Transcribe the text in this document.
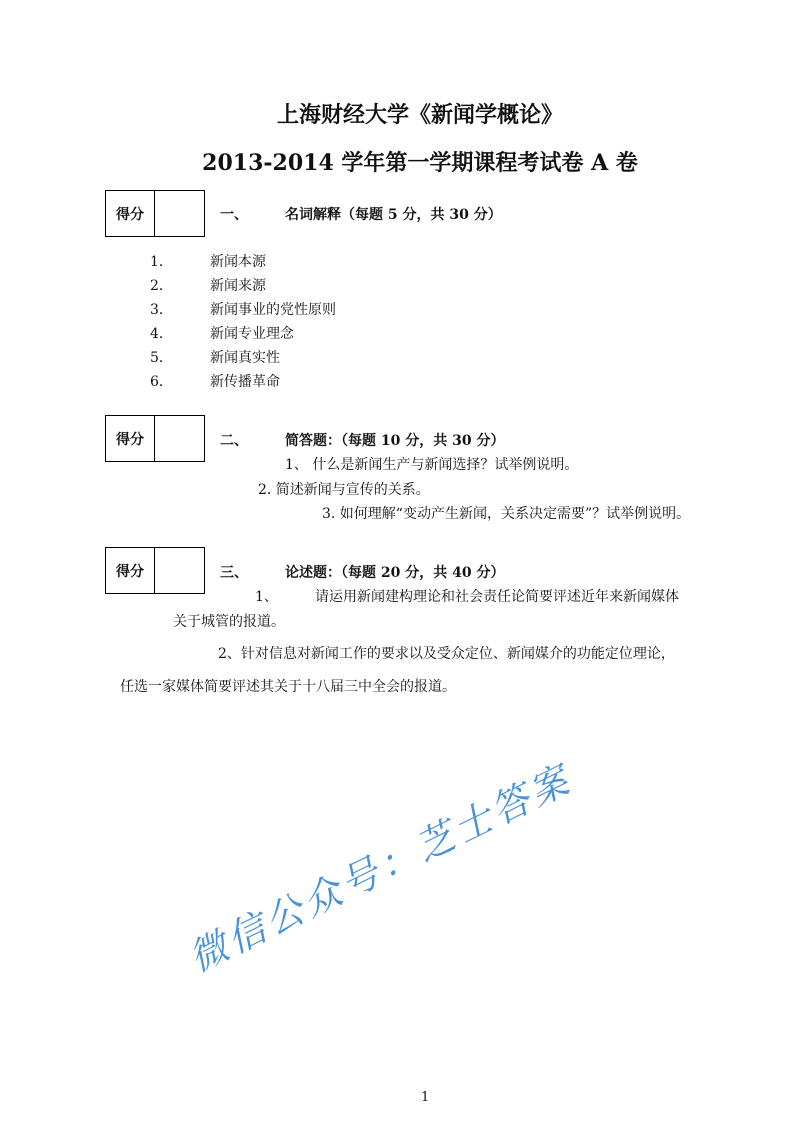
上海财经大学《新闻学概论》
2013-2014 学年第一学期课程考试卷 A 卷
得分	一、	名词解释（每题 5 分，共 30 分）
1．	新闻本源
2．	新闻来源
3．	新闻事业的党性原则
4．	新闻专业理念
5．	新闻真实性
6．	新传播革命
得分	二、	简答题：（每题 10 分，共 30 分）
1、 什么是新闻生产与新闻选择？试举例说明。
2. 简述新闻与宣传的关系。
3. 如何理解“变动产生新闻，关系决定需要”？试举例说明。
得分	三、	论述题：（每题 20 分，共 40 分）
1、	请运用新闻建构理论和社会责任论简要评述近年来新闻媒体
关于城管的报道。
2、针对信息对新闻工作的要求以及受众定位、新闻媒介的功能定位理论，
任选一家媒体简要评述其关于十八届三中全会的报道。
微信公众号：芝士答案
1
